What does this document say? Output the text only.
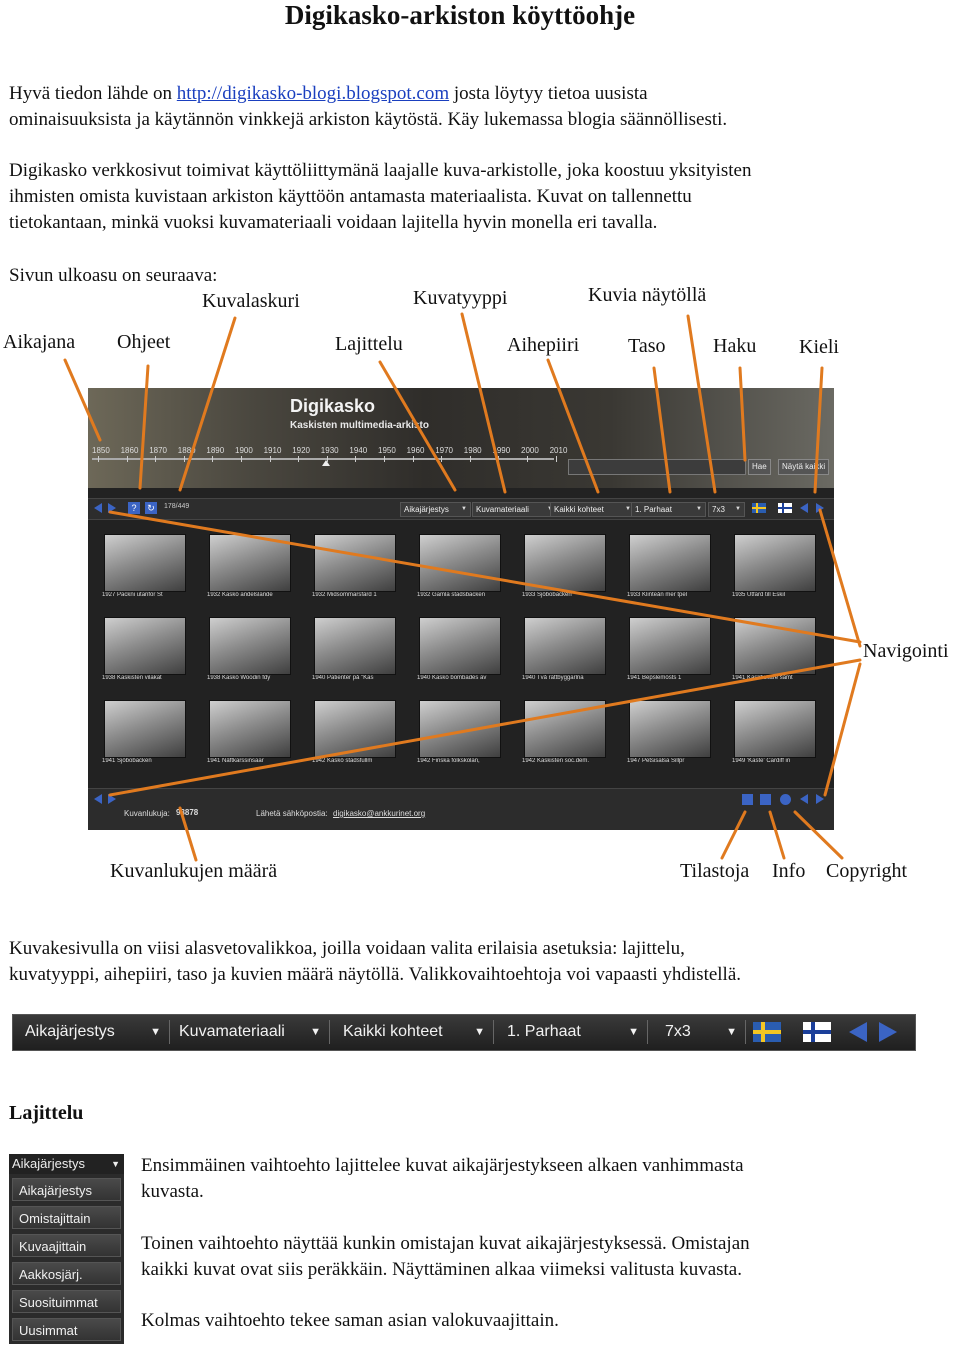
Digikasko-arkiston köyttöohje
Hyvä tiedon lähde on http://digikasko-blogi.blogspot.com josta löytyy tietoa uusista
ominaisuuksista ja käytännön vinkkejä arkiston käytöstä. Käy lukemassa blogia säännöllisesti.
Digikasko verkkosivut toimivat käyttöliittymänä laajalle kuva-arkistolle, joka koostuu yksityisten
ihmisten omista kuvistaan arkiston käyttöön antamasta materiaalista. Kuvat on tallennettu
tietokantaan, minkä vuoksi kuvamateriaali voidaan lajitella hyvin monella eri tavalla.
Sivun ulkoasu on seuraava:
Kuvalaskuri	Kuvatyyppi	Kuvia näytöllä
Aikajana Ohjeet	Lajittelu	Aihepiiri Taso Haku Kieli
Navigointi
Kuvanlukujen määrä	Tilastoja Info Copyright
Digikasko
Kaskisten multimedia-arkisto
1850 1860 1870 1880 1890 1900 1910 1920 1930 1940 1950 1960 1970 1980 1990 2000 2010
Hae	Näytä kaikki
?	↻	178/449	Aikajärjestys ▼	Kuvamateriaali ▼	Kaikki kohteet ▼	1. Parhaat ▼	7x3 ▼
1927 Packni utanför St	1932 Kaskö andelslande	1932 Midsommarsfärd 1	1932 Gamla stadsbacken	1933 Sjöbobacken	1933 Klinteån mer tpel	1935 Utfärd till Eskil
1938 Kaskisten vilakat	1938 Kaskö Woodin fdy	1940 Patienter på "Kas	1940 Kaskö bombades av	1940 Två rättbyggarlna	1941 Bepslemösts 1	1941 Kaskfiskare samt
1941 Sjöbobacken	1941 Näftkarssinsaar	1942 Kaskö stadsfullm	1942 Finska folkskolan,	1942 Kaskisten soc.dem.	1947 Petsisalsa Sillpr	1949 'Kaste' Cardiff in
Kuvanlukuja: 93878	Lähetä sähköpostia: digikasko@ankkurinet.org
Kuvakesivulla on viisi alasvetovalikkoa, joilla voidaan valita erilaisia asetuksia: lajittelu,
kuvatyyppi, aihepiiri, taso ja kuvien määrä näytöllä. Valikkovaihtoehtoja voi vapaasti yhdistellä.
Aikajärjestys	▼	Kuvamateriaali ▼	Kaikki kohteet	▼	1. Parhaat	▼	7x3	▼
Lajittelu
Aikajärjestys	▼
Aikajärjestys
Omistajittain
Kuvaajittain
Aakkosjärj.
Suosituimmat
Uusimmat
Ensimmäinen vaihtoehto lajittelee kuvat aikajärjestykseen alkaen vanhimmasta
kuvasta.
Toinen vaihtoehto näyttää kunkin omistajan kuvat aikajärjestyksessä. Omistajan
kaikki kuvat ovat siis peräkkäin. Näyttäminen alkaa viimeksi valitusta kuvasta.
Kolmas vaihtoehto tekee saman asian valokuvaajittain.
